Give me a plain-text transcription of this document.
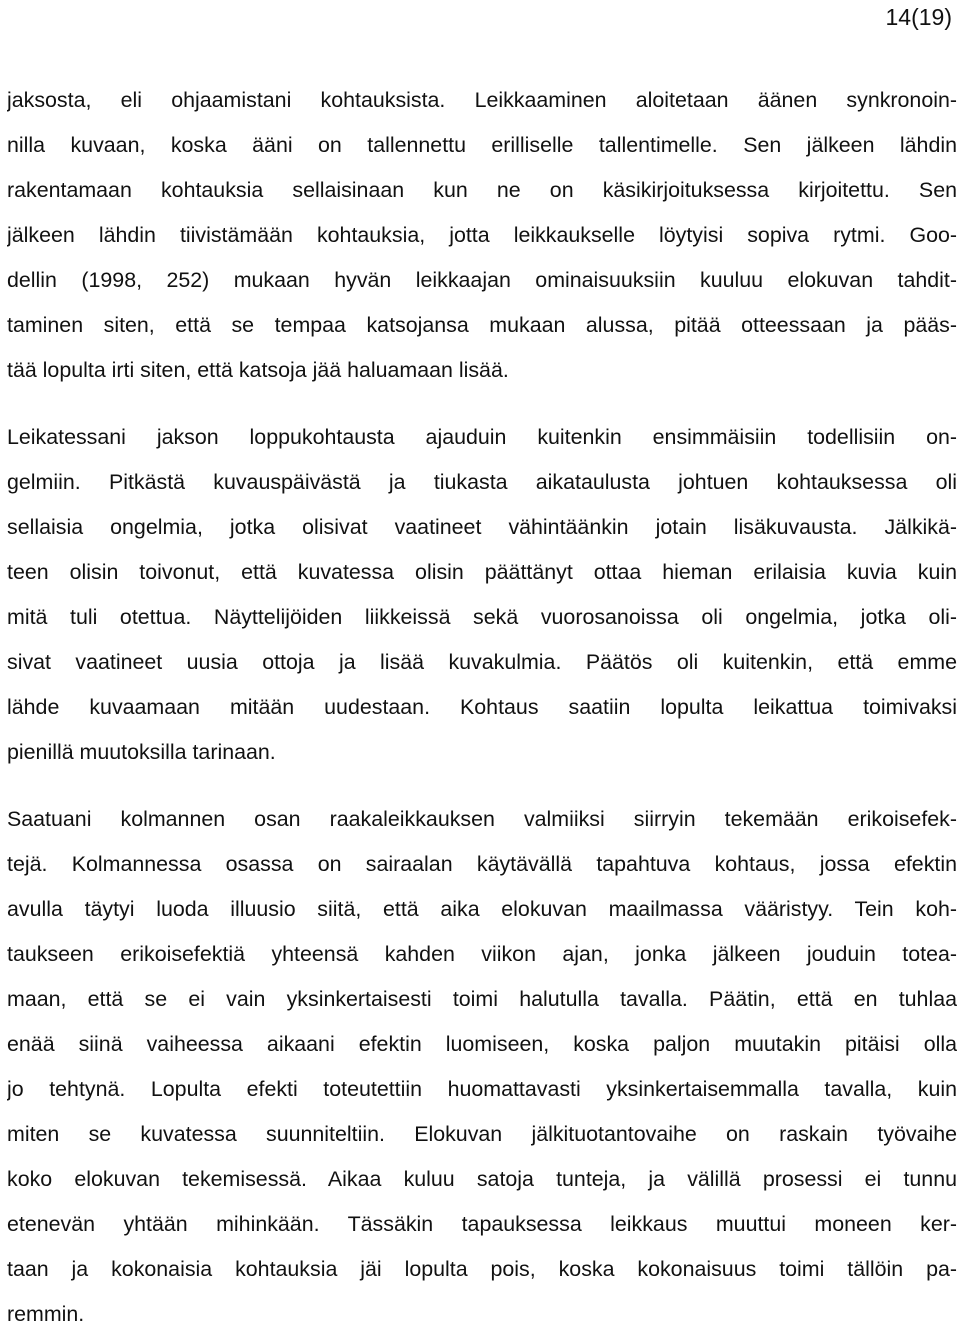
14(19)
jaksosta, eli ohjaamistani kohtauksista. Leikkaaminen aloitetaan äänen synkronoin-
nilla kuvaan, koska ääni on tallennettu erilliselle tallentimelle. Sen jälkeen lähdin
rakentamaan kohtauksia sellaisinaan kun ne on käsikirjoituksessa kirjoitettu. Sen
jälkeen lähdin tiivistämään kohtauksia, jotta leikkaukselle löytyisi sopiva rytmi. Goo-
dellin (1998, 252) mukaan hyvän leikkaajan ominaisuuksiin kuuluu elokuvan tahdit-
taminen siten, että se tempaa katsojansa mukaan alussa, pitää otteessaan ja pääs-
tää lopulta irti siten, että katsoja jää haluamaan lisää.
Leikatessani jakson loppukohtausta ajauduin kuitenkin ensimmäisiin todellisiin on-
gelmiin. Pitkästä kuvauspäivästä ja tiukasta aikataulusta johtuen kohtauksessa oli
sellaisia ongelmia, jotka olisivat vaatineet vähintäänkin jotain lisäkuvausta. Jälkikä-
teen olisin toivonut, että kuvatessa olisin päättänyt ottaa hieman erilaisia kuvia kuin
mitä tuli otettua. Näyttelijöiden liikkeissä sekä vuorosanoissa oli ongelmia, jotka oli-
sivat vaatineet uusia ottoja ja lisää kuvakulmia. Päätös oli kuitenkin, että emme
lähde kuvaamaan mitään uudestaan. Kohtaus saatiin lopulta leikattua toimivaksi
pienillä muutoksilla tarinaan.
Saatuani kolmannen osan raakaleikkauksen valmiiksi siirryin tekemään erikoisefek-
tejä. Kolmannessa osassa on sairaalan käytävällä tapahtuva kohtaus, jossa efektin
avulla täytyi luoda illuusio siitä, että aika elokuvan maailmassa vääristyy. Tein koh-
taukseen erikoisefektiä yhteensä kahden viikon ajan, jonka jälkeen jouduin totea-
maan, että se ei vain yksinkertaisesti toimi halutulla tavalla. Päätin, että en tuhlaa
enää siinä vaiheessa aikaani efektin luomiseen, koska paljon muutakin pitäisi olla
jo tehtynä. Lopulta efekti toteutettiin huomattavasti yksinkertaisemmalla tavalla, kuin
miten se kuvatessa suunniteltiin. Elokuvan jälkituotantovaihe on raskain työvaihe
koko elokuvan tekemisessä. Aikaa kuluu satoja tunteja, ja välillä prosessi ei tunnu
etenevän yhtään mihinkään. Tässäkin tapauksessa leikkaus muuttui moneen ker-
taan ja kokonaisia kohtauksia jäi lopulta pois, koska kokonaisuus toimi tällöin pa-
remmin.
